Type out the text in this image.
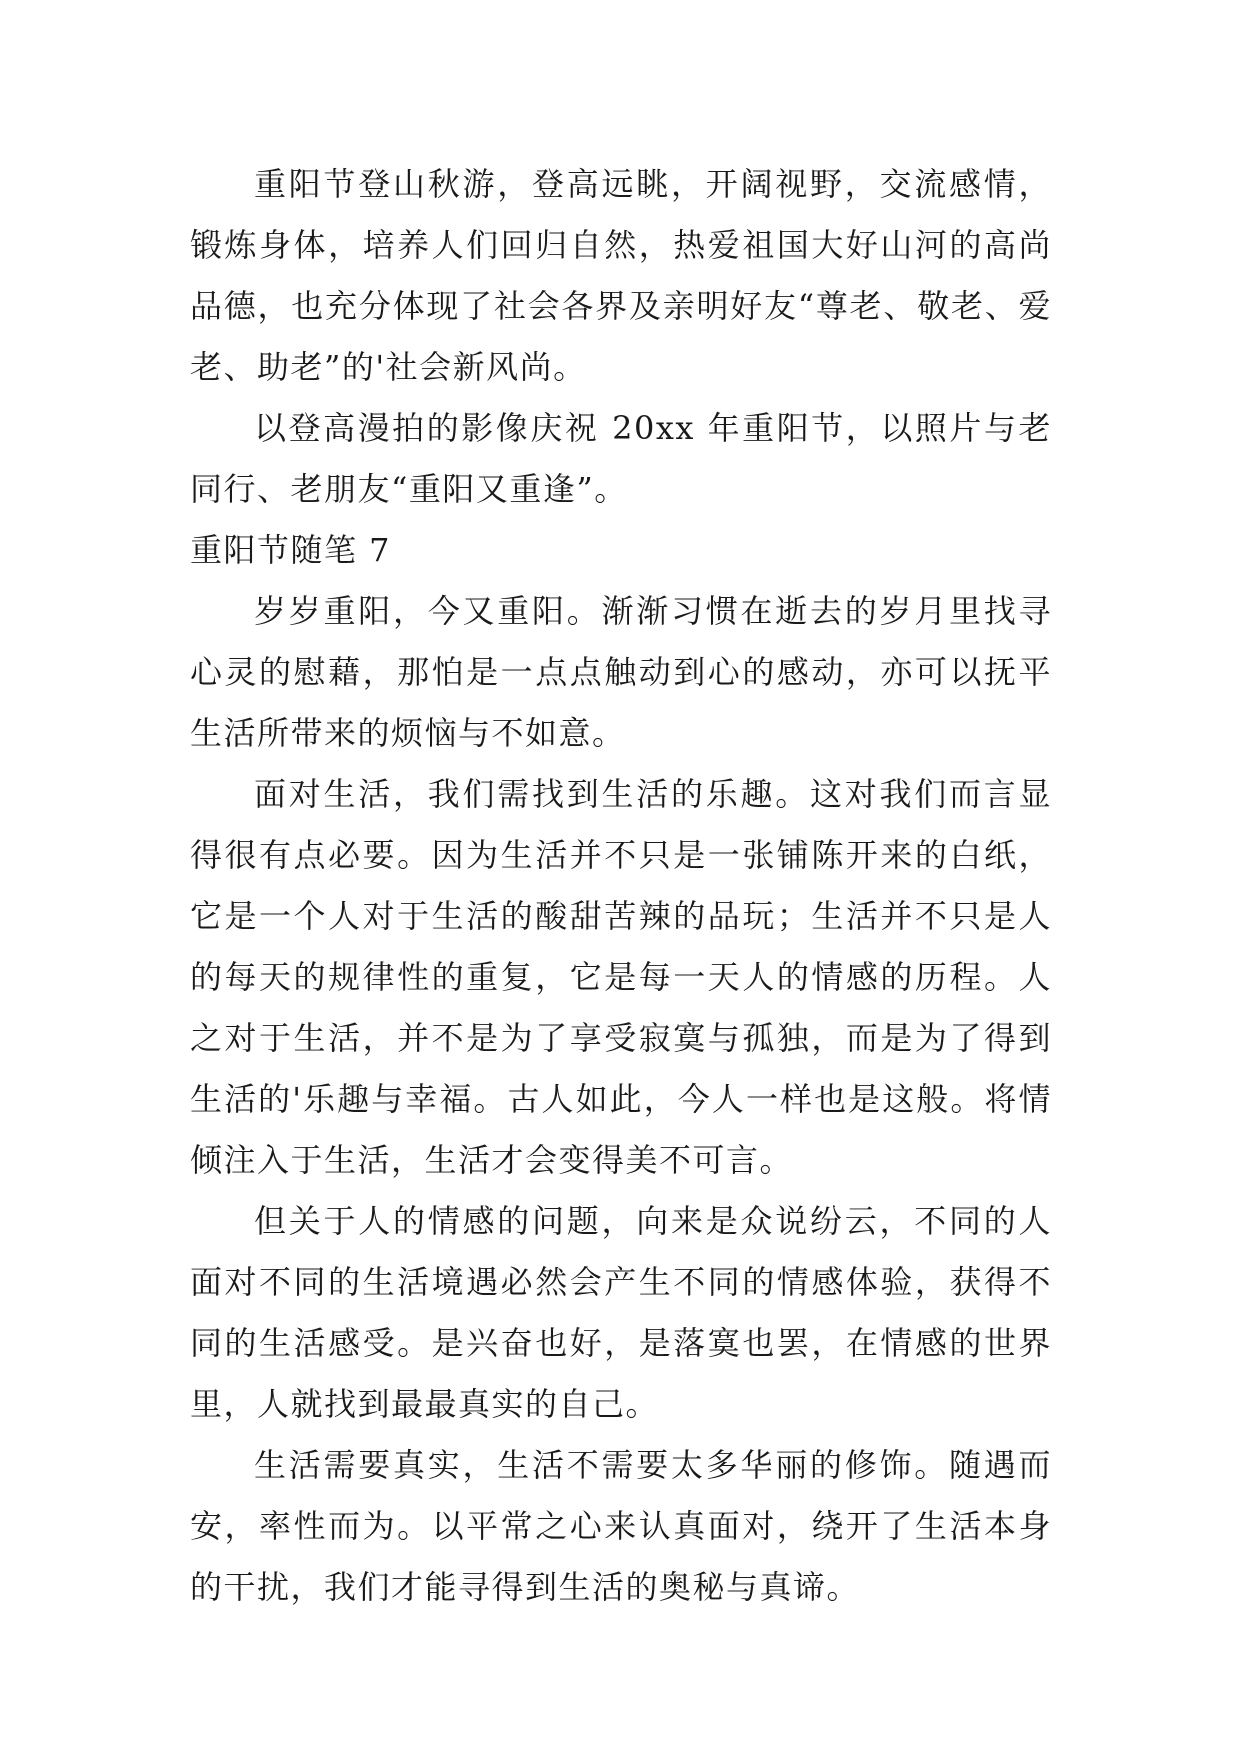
重阳节登山秋游，登高远眺，开阔视野，交流感情，锻炼身体，培养人们回归自然，热爱祖国大好山河的高尚品德，也充分体现了社会各界及亲明好友“尊老、敬老、爱老、助老”的'社会新风尚。

以登高漫拍的影像庆祝 20xx 年重阳节，以照片与老同行、老朋友“重阳又重逢”。

重阳节随笔 7

岁岁重阳，今又重阳。渐渐习惯在逝去的岁月里找寻心灵的慰藉，那怕是一点点触动到心的感动，亦可以抚平生活所带来的烦恼与不如意。

面对生活，我们需找到生活的乐趣。这对我们而言显得很有点必要。因为生活并不只是一张铺陈开来的白纸，它是一个人对于生活的酸甜苦辣的品玩；生活并不只是人的每天的规律性的重复，它是每一天人的情感的历程。人之对于生活，并不是为了享受寂寞与孤独，而是为了得到生活的'乐趣与幸福。古人如此，今人一样也是这般。将情倾注入于生活，生活才会变得美不可言。

但关于人的情感的问题，向来是众说纷云，不同的人面对不同的生活境遇必然会产生不同的情感体验，获得不同的生活感受。是兴奋也好，是落寞也罢，在情感的世界里，人就找到最最真实的自己。

生活需要真实，生活不需要太多华丽的修饰。随遇而安，率性而为。以平常之心来认真面对，绕开了生活本身的干扰，我们才能寻得到生活的奥秘与真谛。
